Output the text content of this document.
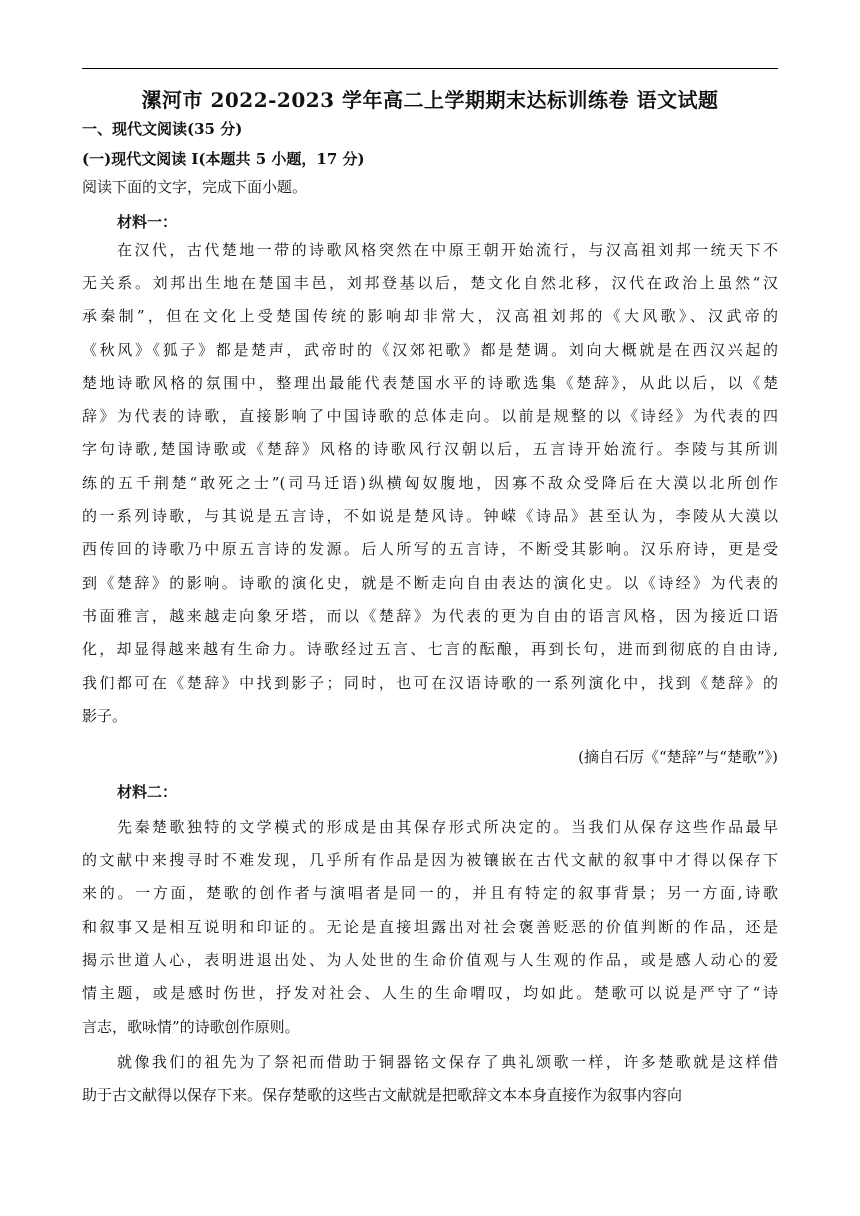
漯河市 2022-2023 学年高二上学期期末达标训练卷 语文试题
一、现代文阅读(35 分)
(一)现代文阅读 I(本题共 5 小题，17 分)
阅读下面的文字，完成下面小题。
材料一：
在汉代，古代楚地一带的诗歌风格突然在中原王朝开始流行，与汉高祖刘邦一统天下不
无关系。刘邦出生地在楚国丰邑，刘邦登基以后，楚文化自然北移，汉代在政治上虽然“汉
承秦制”，但在文化上受楚国传统的影响却非常大，汉高祖刘邦的《大风歌》、汉武帝的
《秋风》《狐子》都是楚声，武帝时的《汉郊祀歌》都是楚调。刘向大概就是在西汉兴起的
楚地诗歌风格的氛围中，整理出最能代表楚国水平的诗歌选集《楚辞》，从此以后，以《楚
辞》为代表的诗歌，直接影响了中国诗歌的总体走向。以前是规整的以《诗经》为代表的四
字句诗歌,楚国诗歌或《楚辞》风格的诗歌风行汉朝以后，五言诗开始流行。李陵与其所训
练的五千荆楚“敢死之士”(司马迁语)纵横匈奴腹地，因寡不敌众受降后在大漠以北所创作
的一系列诗歌，与其说是五言诗，不如说是楚风诗。钟嵘《诗品》甚至认为，李陵从大漠以
西传回的诗歌乃中原五言诗的发源。后人所写的五言诗，不断受其影响。汉乐府诗，更是受
到《楚辞》的影响。诗歌的演化史，就是不断走向自由表达的演化史。以《诗经》为代表的
书面雅言，越来越走向象牙塔，而以《楚辞》为代表的更为自由的语言风格，因为接近口语
化，却显得越来越有生命力。诗歌经过五言、七言的酝酿，再到长句，进而到彻底的自由诗,
我们都可在《楚辞》中找到影子；同时，也可在汉语诗歌的一系列演化中，找到《楚辞》的
影子。
(摘自石厉《“楚辞”与“楚歌”》)
材料二：
先秦楚歌独特的文学模式的形成是由其保存形式所决定的。当我们从保存这些作品最早
的文献中来搜寻时不难发现，几乎所有作品是因为被镶嵌在古代文献的叙事中才得以保存下
来的。一方面，楚歌的创作者与演唱者是同一的，并且有特定的叙事背景；另一方面,诗歌
和叙事又是相互说明和印证的。无论是直接坦露出对社会褒善贬恶的价值判断的作品，还是
揭示世道人心，表明进退出处、为人处世的生命价值观与人生观的作品，或是感人动心的爱
情主题，或是感时伤世，抒发对社会、人生的生命喟叹，均如此。楚歌可以说是严守了“诗
言志，歌咏情”的诗歌创作原则。
就像我们的祖先为了祭祀而借助于铜器铭文保存了典礼颂歌一样，许多楚歌就是这样借
助于古文献得以保存下来。保存楚歌的这些古文献就是把歌辞文本本身直接作为叙事内容向
